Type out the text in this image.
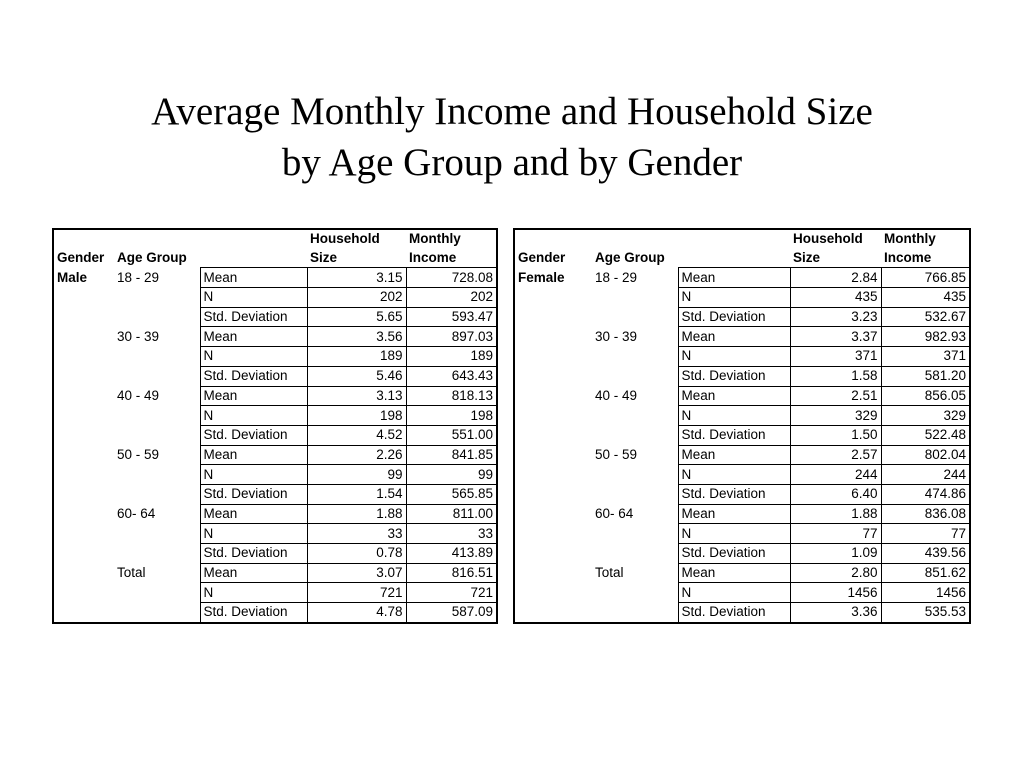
Average Monthly Income and Household Size
by Age Group and by Gender
			Household	Monthly
Gender	Age Group		Size	Income
Male	18 - 29	Mean	3.15	728.08
		N	202	202
		Std. Deviation	5.65	593.47
	30 - 39	Mean	3.56	897.03
		N	189	189
		Std. Deviation	5.46	643.43
	40 - 49	Mean	3.13	818.13
		N	198	198
		Std. Deviation	4.52	551.00
	50 - 59	Mean	2.26	841.85
		N	99	99
		Std. Deviation	1.54	565.85
	60- 64	Mean	1.88	811.00
		N	33	33
		Std. Deviation	0.78	413.89
	Total	Mean	3.07	816.51
		N	721	721
		Std. Deviation	4.78	587.09
			Household	Monthly
Gender	Age Group		Size	Income
Female	18 - 29	Mean	2.84	766.85
		N	435	435
		Std. Deviation	3.23	532.67
	30 - 39	Mean	3.37	982.93
		N	371	371
		Std. Deviation	1.58	581.20
	40 - 49	Mean	2.51	856.05
		N	329	329
		Std. Deviation	1.50	522.48
	50 - 59	Mean	2.57	802.04
		N	244	244
		Std. Deviation	6.40	474.86
	60- 64	Mean	1.88	836.08
		N	77	77
		Std. Deviation	1.09	439.56
	Total	Mean	2.80	851.62
		N	1456	1456
		Std. Deviation	3.36	535.53
